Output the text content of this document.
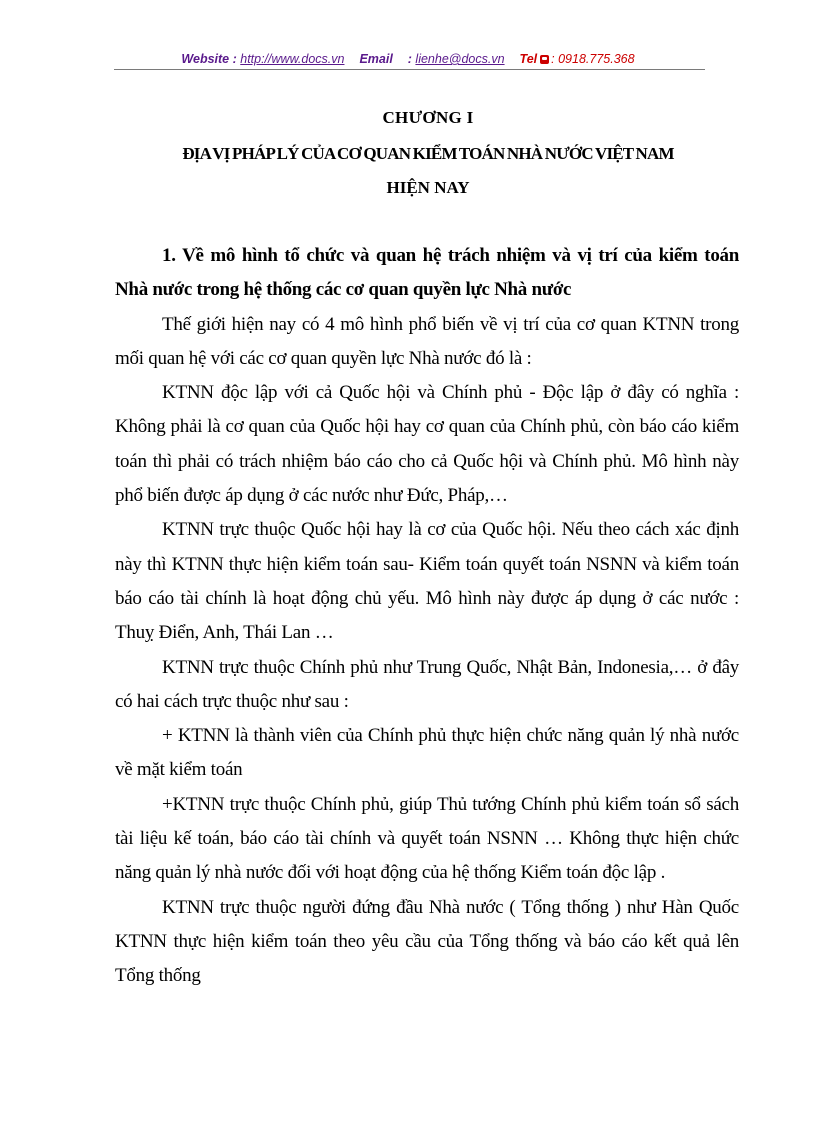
Website : http://www.docs.vn Email : lienhe@docs.vn Tel : 0918.775.368
CHƯƠNG I
ĐỊA VỊ PHÁP LÝ CỦA CƠ QUAN KIỂM TOÁN NHÀ NƯỚC VIỆT NAM
HIỆN NAY

1. Về mô hình tổ chức và quan hệ trách nhiệm và vị trí của kiểm toán Nhà nước trong hệ thống các cơ quan quyền lực Nhà nước

Thế giới hiện nay có 4 mô hình phổ biến về vị trí của cơ quan KTNN trong mối quan hệ với các cơ quan quyền lực Nhà nước đó là :

KTNN độc lập với cả Quốc hội và Chính phủ - Độc lập ở đây có nghĩa : Không phải là cơ quan của Quốc hội hay cơ quan của Chính phủ, còn báo cáo kiểm toán thì phải có trách nhiệm báo cáo cho cả Quốc hội và Chính phủ. Mô hình này phổ biến được áp dụng ở các nước như Đức, Pháp,…

KTNN trực thuộc Quốc hội hay là cơ của Quốc hội. Nếu theo cách xác định này thì KTNN thực hiện kiểm toán sau- Kiểm toán quyết toán NSNN và kiểm toán báo cáo tài chính là hoạt động chủ yếu. Mô hình này được áp dụng ở các nước : Thuỵ Điển, Anh, Thái Lan …

KTNN trực thuộc Chính phủ như Trung Quốc, Nhật Bản, Indonesia,… ở đây có hai cách trực thuộc như sau :

+ KTNN là thành viên của Chính phủ thực hiện chức năng quản lý nhà nước về mặt kiểm toán

+KTNN trực thuộc Chính phủ, giúp Thủ tướng Chính phủ kiểm toán sổ sách tài liệu kế toán, báo cáo tài chính và quyết toán NSNN … Không thực hiện chức năng quản lý nhà nước đối với hoạt động của hệ thống Kiểm toán độc lập .

KTNN trực thuộc người đứng đầu Nhà nước ( Tổng thống ) như Hàn Quốc KTNN thực hiện kiểm toán theo yêu cầu của Tổng thống và báo cáo kết quả lên Tổng thống
